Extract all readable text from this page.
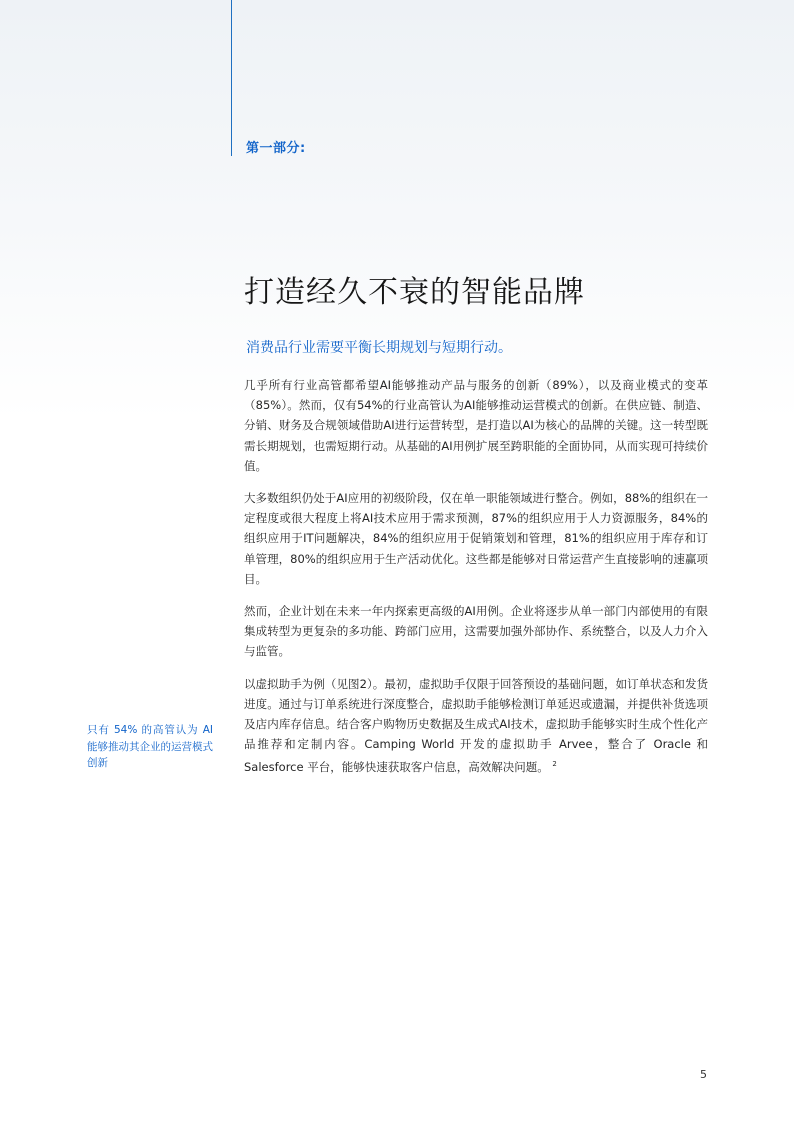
第一部分:
打造经久不衰的智能品牌

消费品行业需要平衡长期规划与短期行动。

几乎所有行业高管都希望AI能够推动产品与服务的创新（89%），以及商业模式的变革（85%）。然而，仅有54%的行业高管认为AI能够推动运营模式的创新。在供应链、制造、分销、财务及合规领域借助AI进行运营转型，是打造以AI为核心的品牌的关键。这一转型既需长期规划，也需短期行动。从基础的AI用例扩展至跨职能的全面协同，从而实现可持续价值。

大多数组织仍处于AI应用的初级阶段，仅在单一职能领域进行整合。例如，88%的组织在一定程度或很大程度上将AI技术应用于需求预测，87%的组织应用于人力资源服务，84%的组织应用于IT问题解决，84%的组织应用于促销策划和管理，81%的组织应用于库存和订单管理，80%的组织应用于生产活动优化。这些都是能够对日常运营产生直接影响的速赢项目。

然而，企业计划在未来一年内探索更高级的AI用例。企业将逐步从单一部门内部使用的有限集成转型为更复杂的多功能、跨部门应用，这需要加强外部协作、系统整合，以及人力介入与监管。

以虚拟助手为例（见图2）。最初，虚拟助手仅限于回答预设的基础问题，如订单状态和发货进度。通过与订单系统进行深度整合，虚拟助手能够检测订单延迟或遗漏，并提供补货选项及店内库存信息。结合客户购物历史数据及生成式AI技术，虚拟助手能够实时生成个性化产品推荐和定制内容。Camping World 开发的虚拟助手 Arvee，整合了 Oracle 和 Salesforce 平台，能够快速获取客户信息，高效解决问题。 $^2$

只有 54% 的高管认为 AI 能够推动其企业的运营模式创新

5
